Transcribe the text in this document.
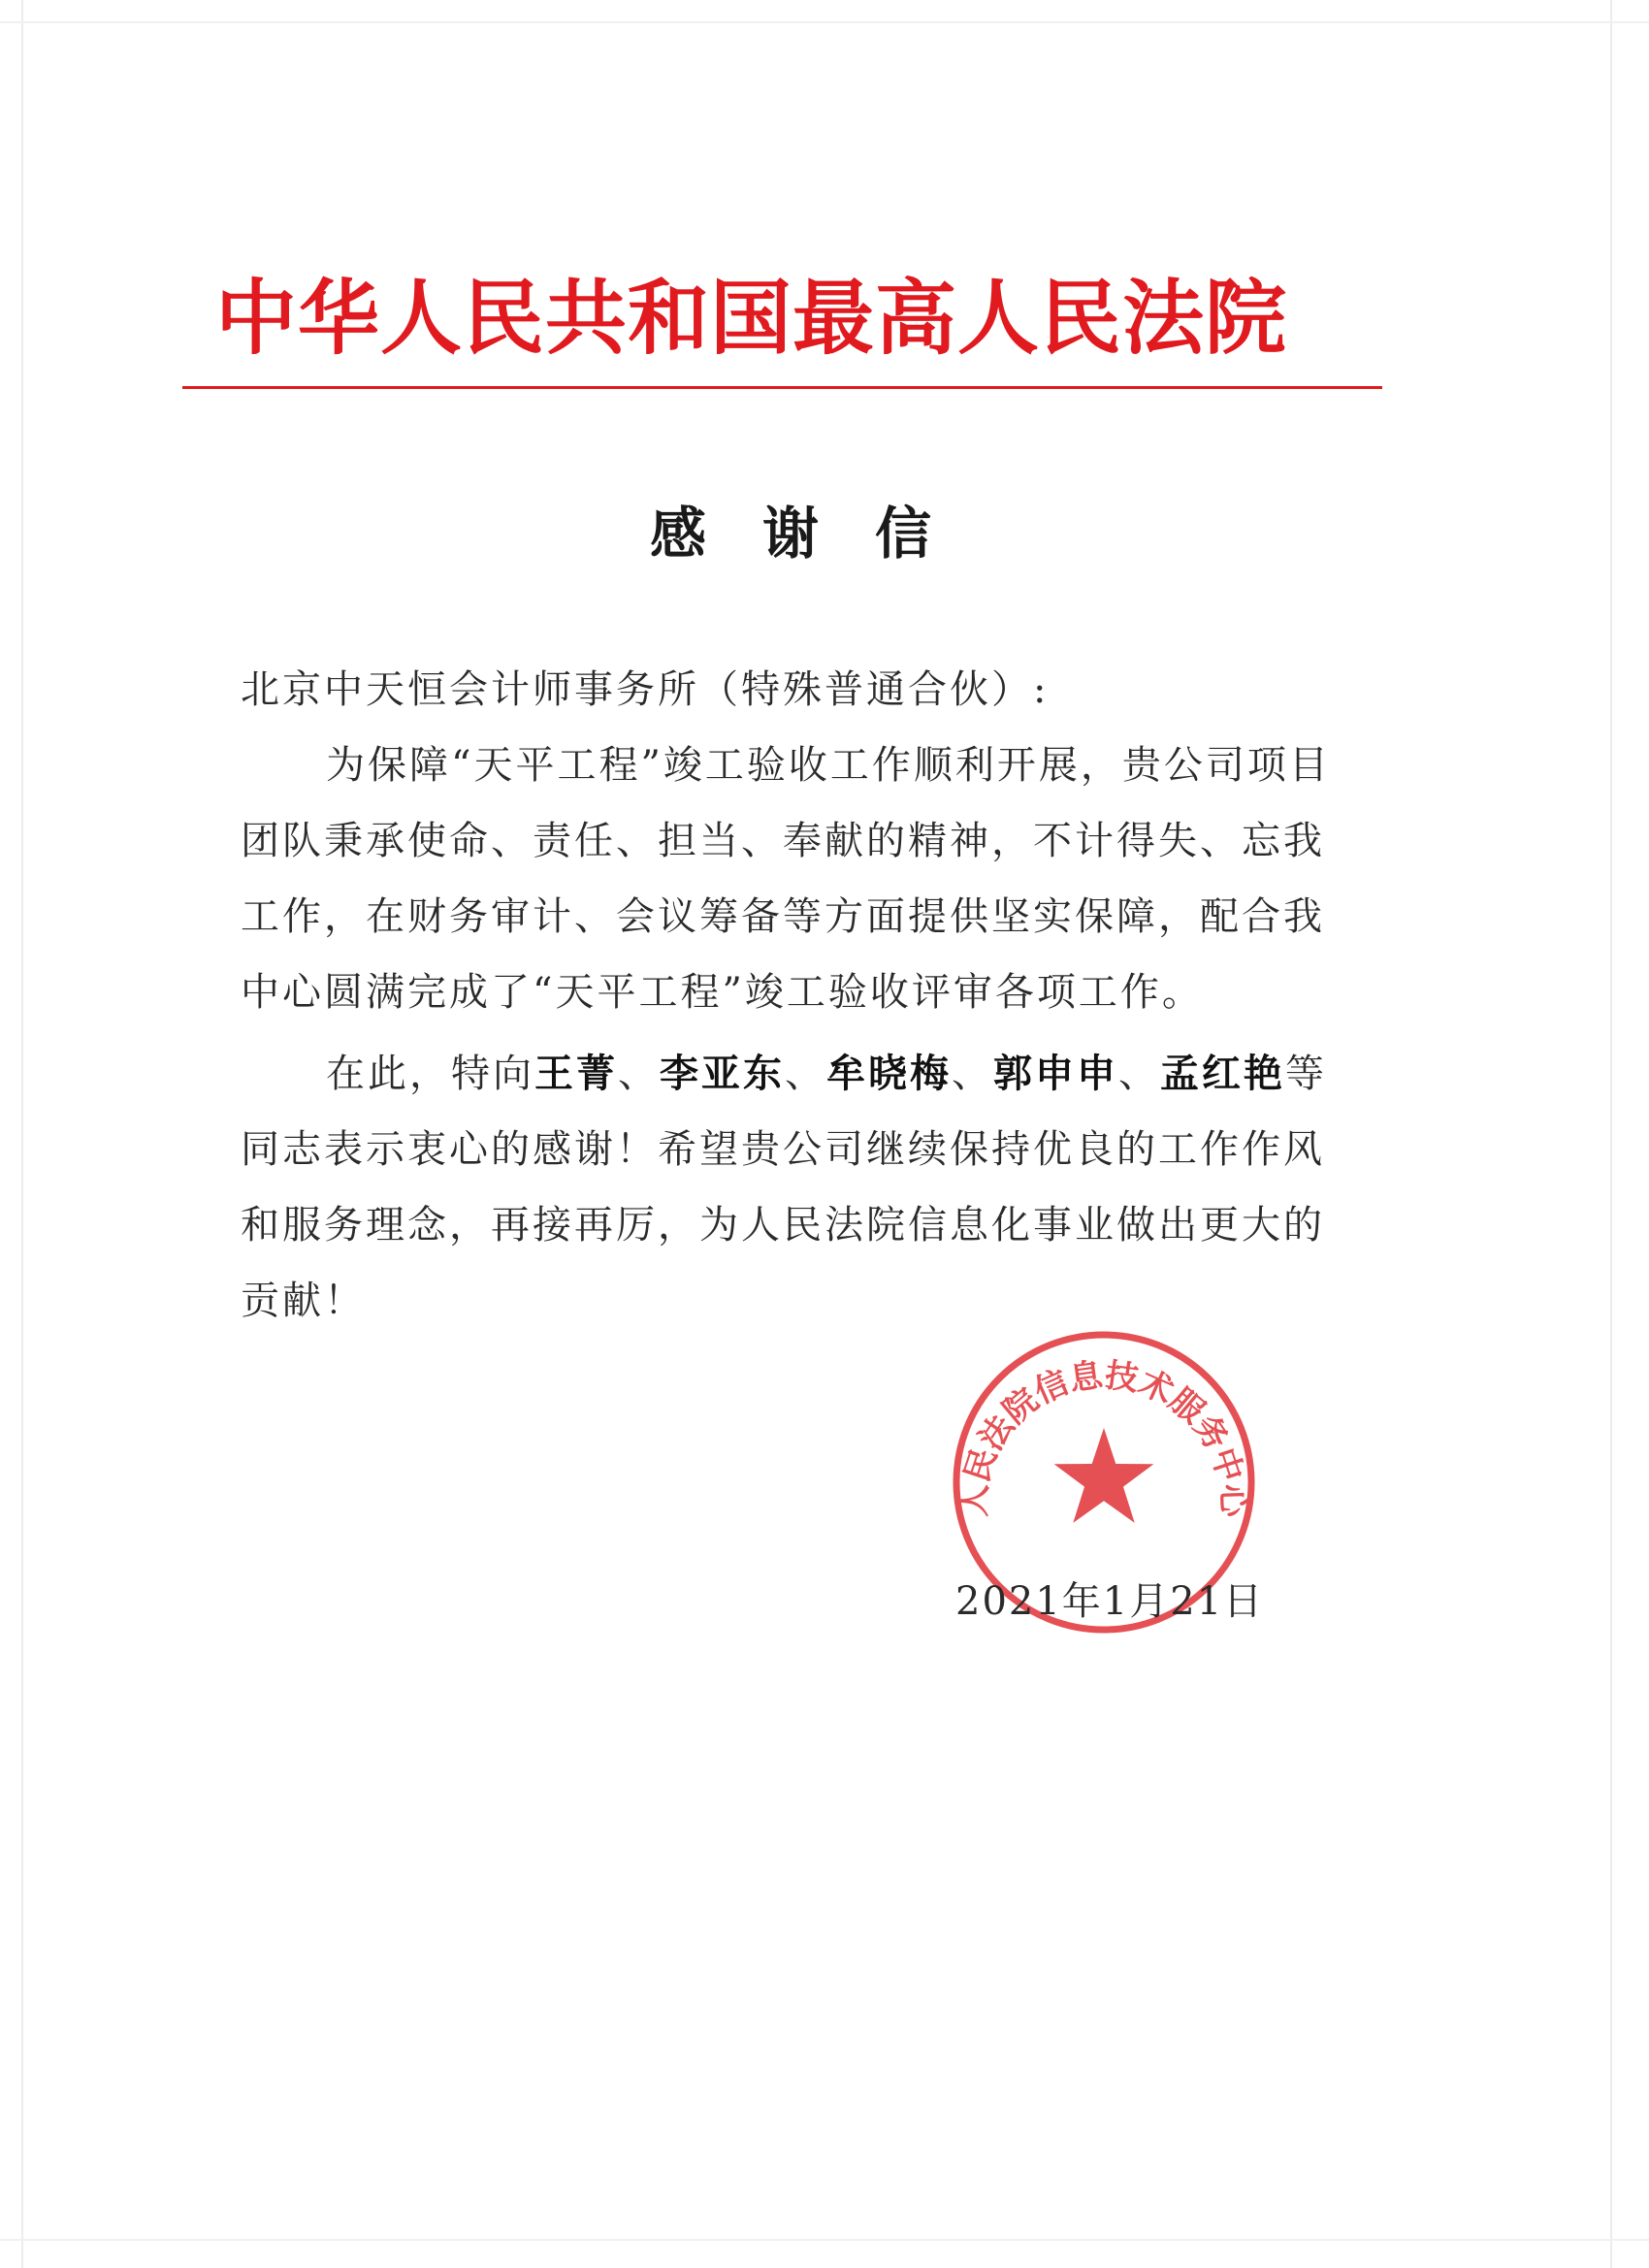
中华人民共和国最高人民法院
感谢信
北京中天恒会计师事务所（特殊普通合伙）:
为保障“天平工程”竣工验收工作顺利开展，贵公司项目团队秉承使命、责任、担当、奉献的精神，不计得失、忘我工作，在财务审计、会议筹备等方面提供坚实保障，配合我中心圆满完成了“天平工程”竣工验收评审各项工作。
在此，特向王菁、李亚东、牟晓梅、郭申申、孟红艳等同志表示衷心的感谢！希望贵公司继续保持优良的工作作风和服务理念，再接再厉，为人民法院信息化事业做出更大的贡献！
人民法院信息技术服务中心
2021年1月21日
